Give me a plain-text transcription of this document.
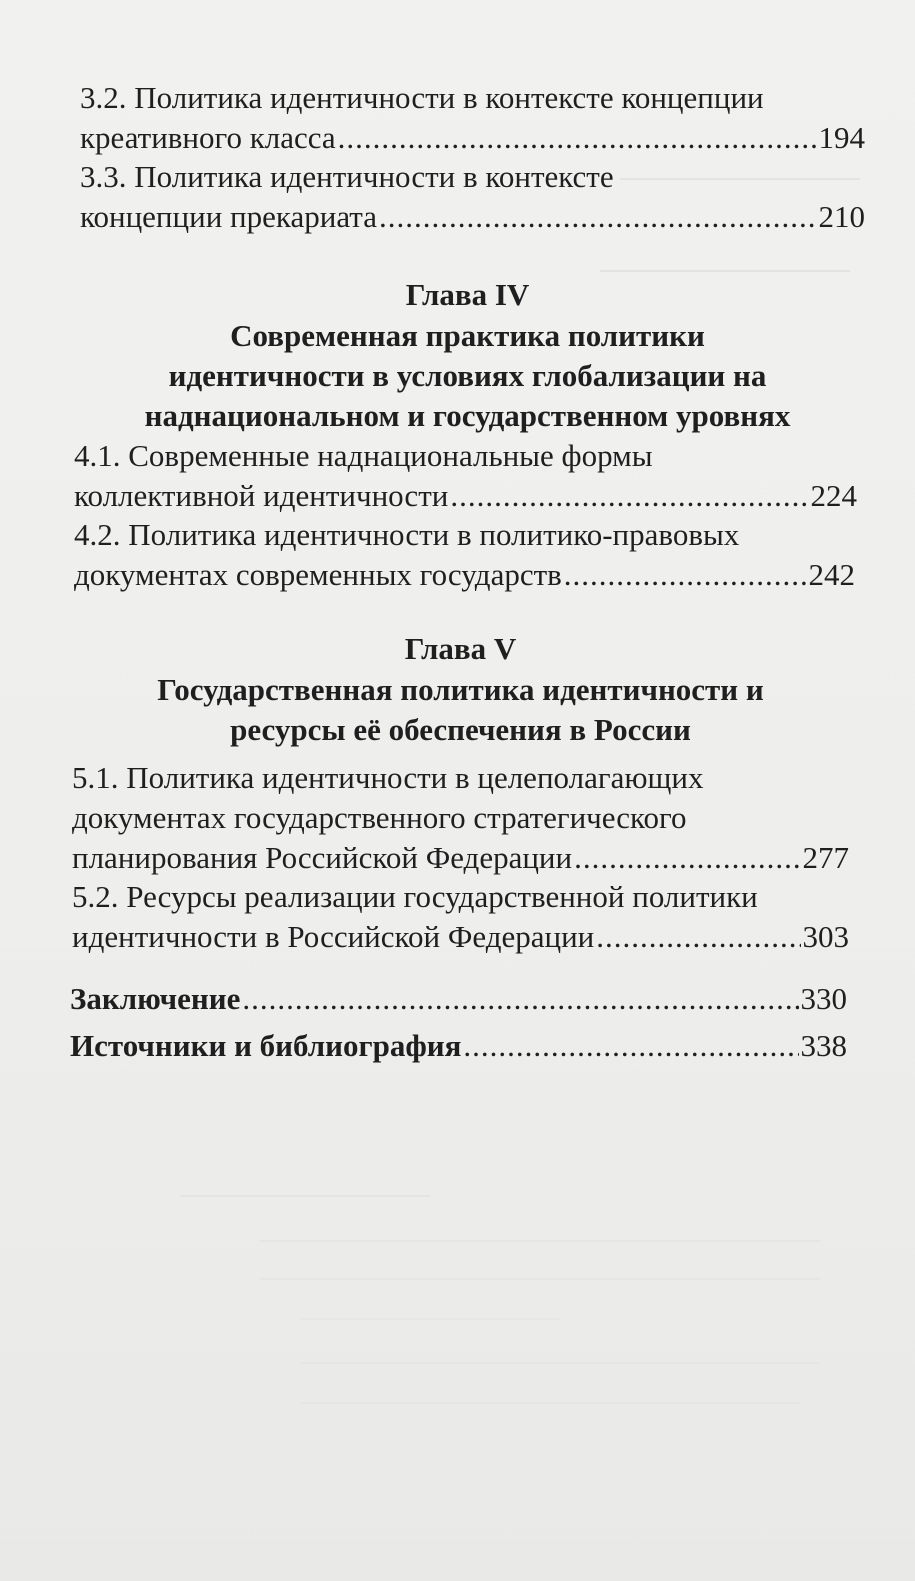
3.2. Политика идентичности в контексте концепции
креативного класса .....	194
3.3. Политика идентичности в контексте
концепции прекариата .....	210
Глава IV
Современная практика политики идентичности в условиях глобализации на наднациональном и государственном уровнях
4.1. Современные наднациональные формы
коллективной идентичности .....	224
4.2. Политика идентичности в политико-правовых
документах современных государств .....	242
Глава V
Государственная политика идентичности и ресурсы её обеспечения в России
5.1. Политика идентичности в целеполагающих
документах государственного стратегического
планирования Российской Федерации .....	277
5.2. Ресурсы реализации государственной политики
идентичности в Российской Федерации .....	303
Заключение .....	330
Источники и библиография .....	338
